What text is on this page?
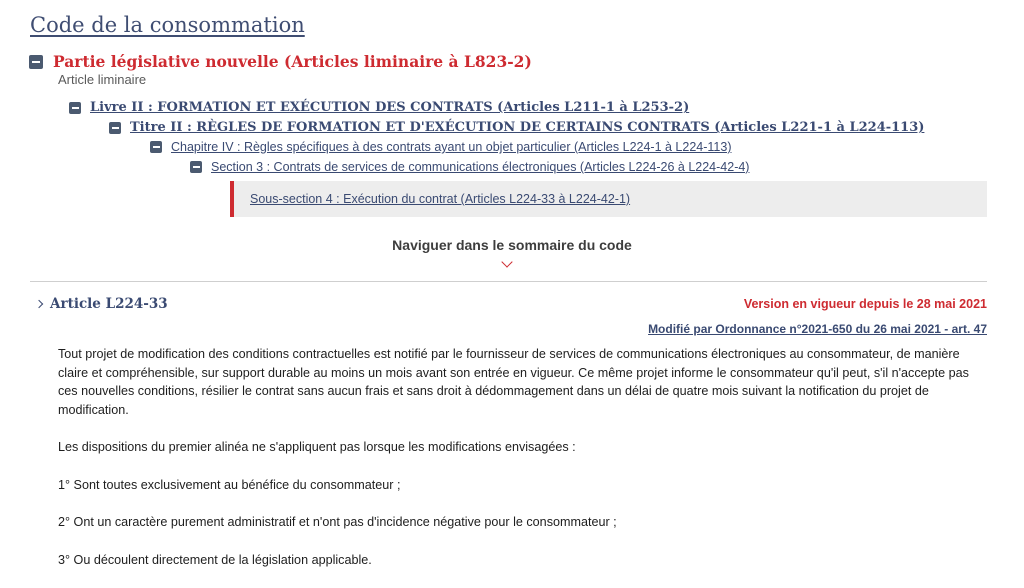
Code de la consommation
Partie législative nouvelle (Articles liminaire à L823-2)
Article liminaire
Livre II : FORMATION ET EXÉCUTION DES CONTRATS (Articles L211-1 à L253-2)
Titre II : RÈGLES DE FORMATION ET D'EXÉCUTION DE CERTAINS CONTRATS (Articles L221-1 à L224-113)
Chapitre IV : Règles spécifiques à des contrats ayant un objet particulier (Articles L224-1 à L224-113)
Section 3 : Contrats de services de communications électroniques (Articles L224-26 à L224-42-4)
Sous-section 4 : Exécution du contrat (Articles L224-33 à L224-42-1)
Naviguer dans le sommaire du code
Article L224-33	Version en vigueur depuis le 28 mai 2021
Modifié par Ordonnance n°2021-650 du 26 mai 2021 - art. 47

Tout projet de modification des conditions contractuelles est notifié par le fournisseur de services de communications électroniques au consommateur, de manière claire et compréhensible, sur support durable au moins un mois avant son entrée en vigueur. Ce même projet informe le consommateur qu'il peut, s'il n'accepte pas ces nouvelles conditions, résilier le contrat sans aucun frais et sans droit à dédommagement dans un délai de quatre mois suivant la notification du projet de modification.

Les dispositions du premier alinéa ne s'appliquent pas lorsque les modifications envisagées :

1° Sont toutes exclusivement au bénéfice du consommateur ;

2° Ont un caractère purement administratif et n'ont pas d'incidence négative pour le consommateur ;

3° Ou découlent directement de la législation applicable.
